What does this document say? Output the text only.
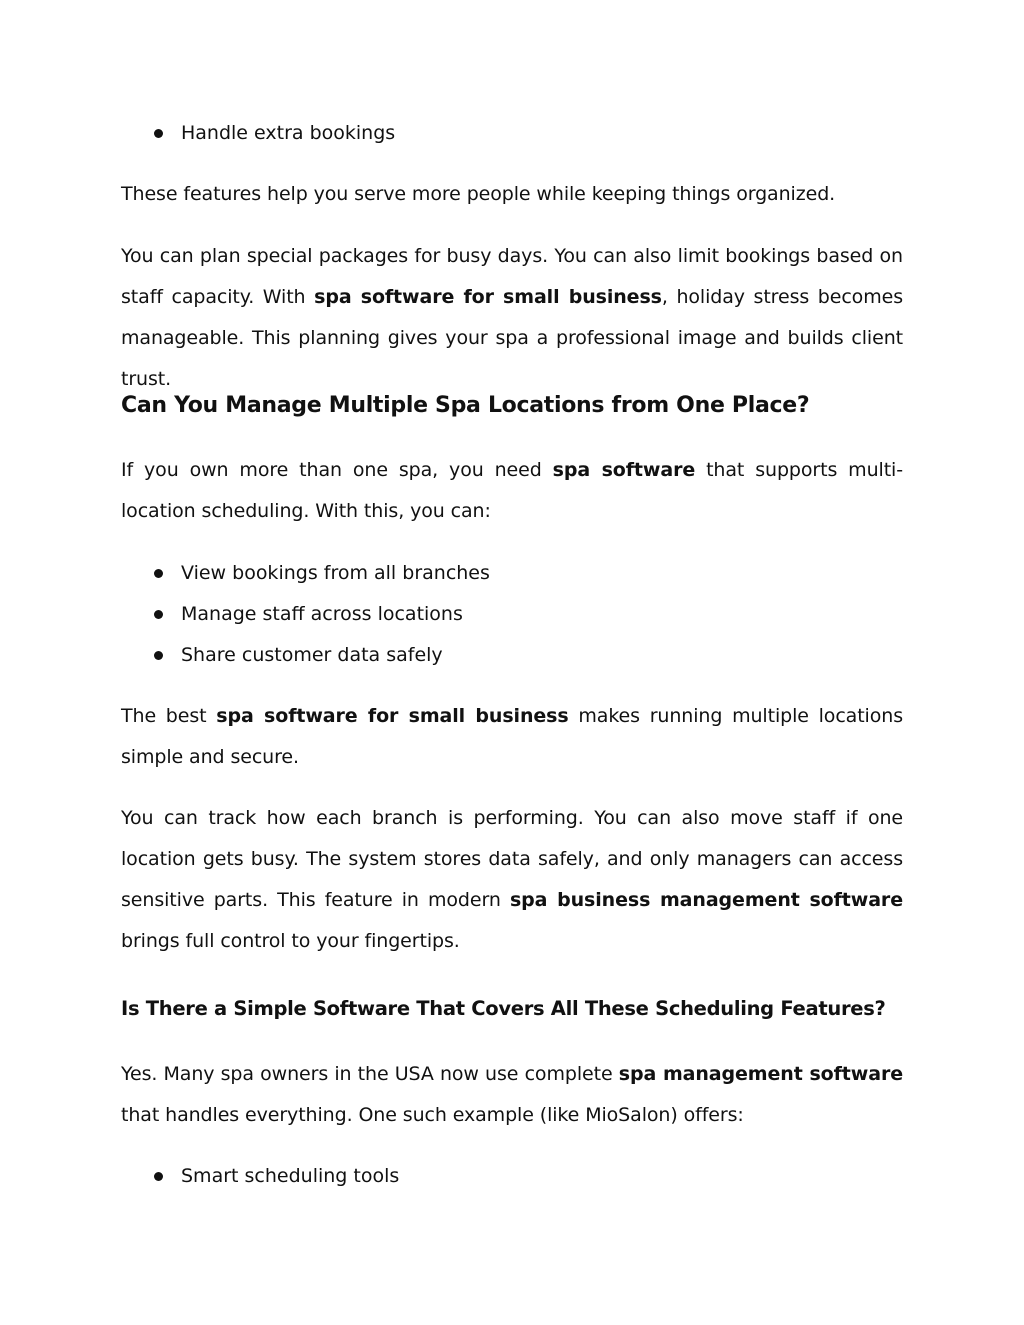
Handle extra bookings

These features help you serve more people while keeping things organized.

You can plan special packages for busy days. You can also limit bookings based on staff capacity. With spa software for small business, holiday stress becomes manageable. This planning gives your spa a professional image and builds client trust.

Can You Manage Multiple Spa Locations from One Place?

If you own more than one spa, you need spa software that supports multi-location scheduling. With this, you can:

View bookings from all branches
Manage staff across locations
Share customer data safely

The best spa software for small business makes running multiple locations simple and secure.

You can track how each branch is performing. You can also move staff if one location gets busy. The system stores data safely, and only managers can access sensitive parts. This feature in modern spa business management software brings full control to your fingertips.

Is There a Simple Software That Covers All These Scheduling Features?

Yes. Many spa owners in the USA now use complete spa management software that handles everything. One such example (like MioSalon) offers:

Smart scheduling tools
